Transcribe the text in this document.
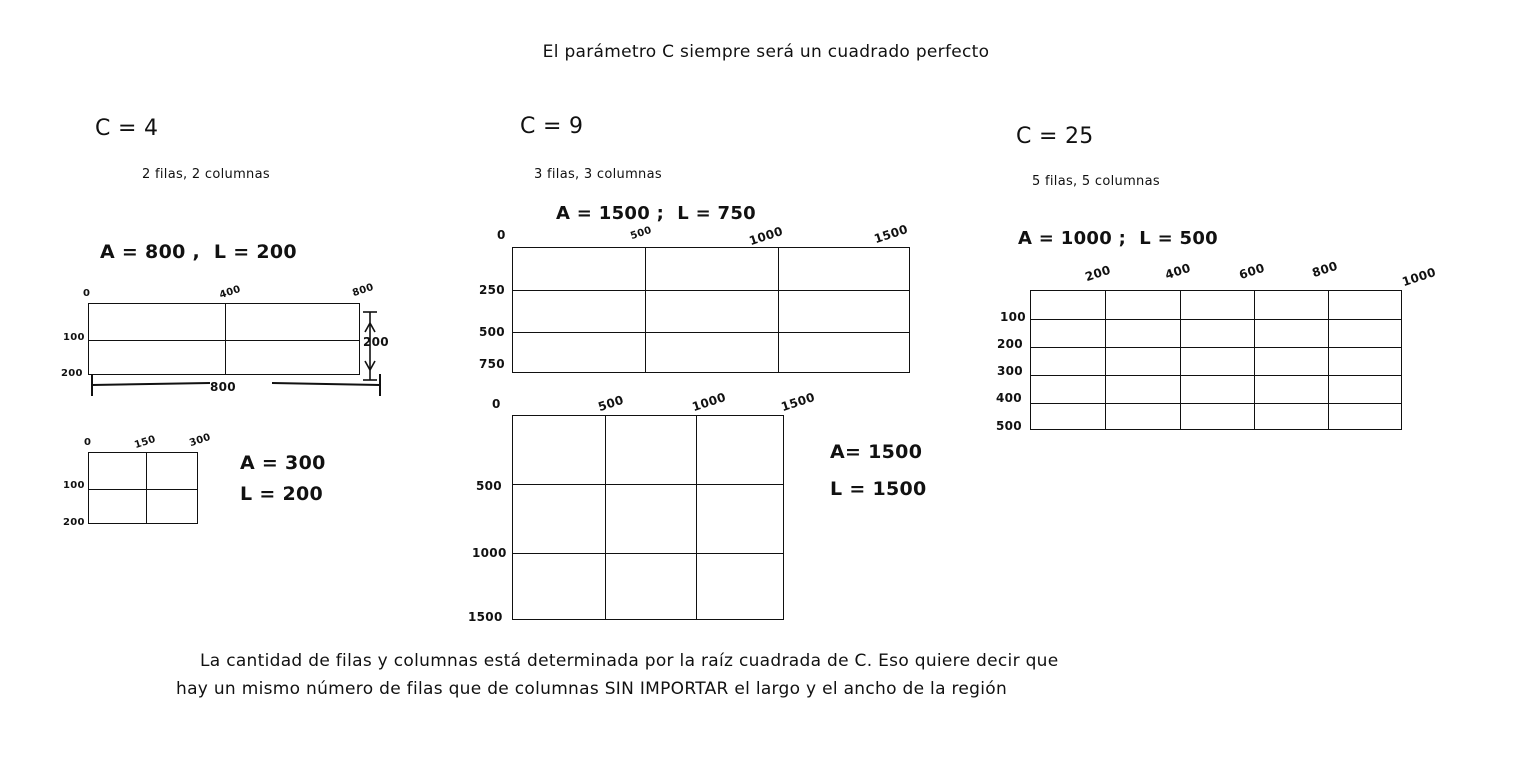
El parámetro C siempre será un cuadrado perfecto
C = 4
2 filas, 2 columnas
A = 800 ,  L = 200
0	400	800
100
200
800
200
0	150	300
100
200
A = 300
L = 200
C = 9
3 filas, 3 columnas
A = 1500 ;  L = 750
0	500	1000	1500
250
500
750
0	500	1000	1500
500
1000
1500
A= 1500
L = 1500
C = 25
5 filas, 5 columnas
A = 1000 ;  L = 500
200	400	600	800	1000
100
200
300
400
500
La cantidad de filas y columnas está determinada por la raíz cuadrada de C. Eso quiere decir que
hay un mismo número de filas que de columnas SIN IMPORTAR el largo y el ancho de la región
